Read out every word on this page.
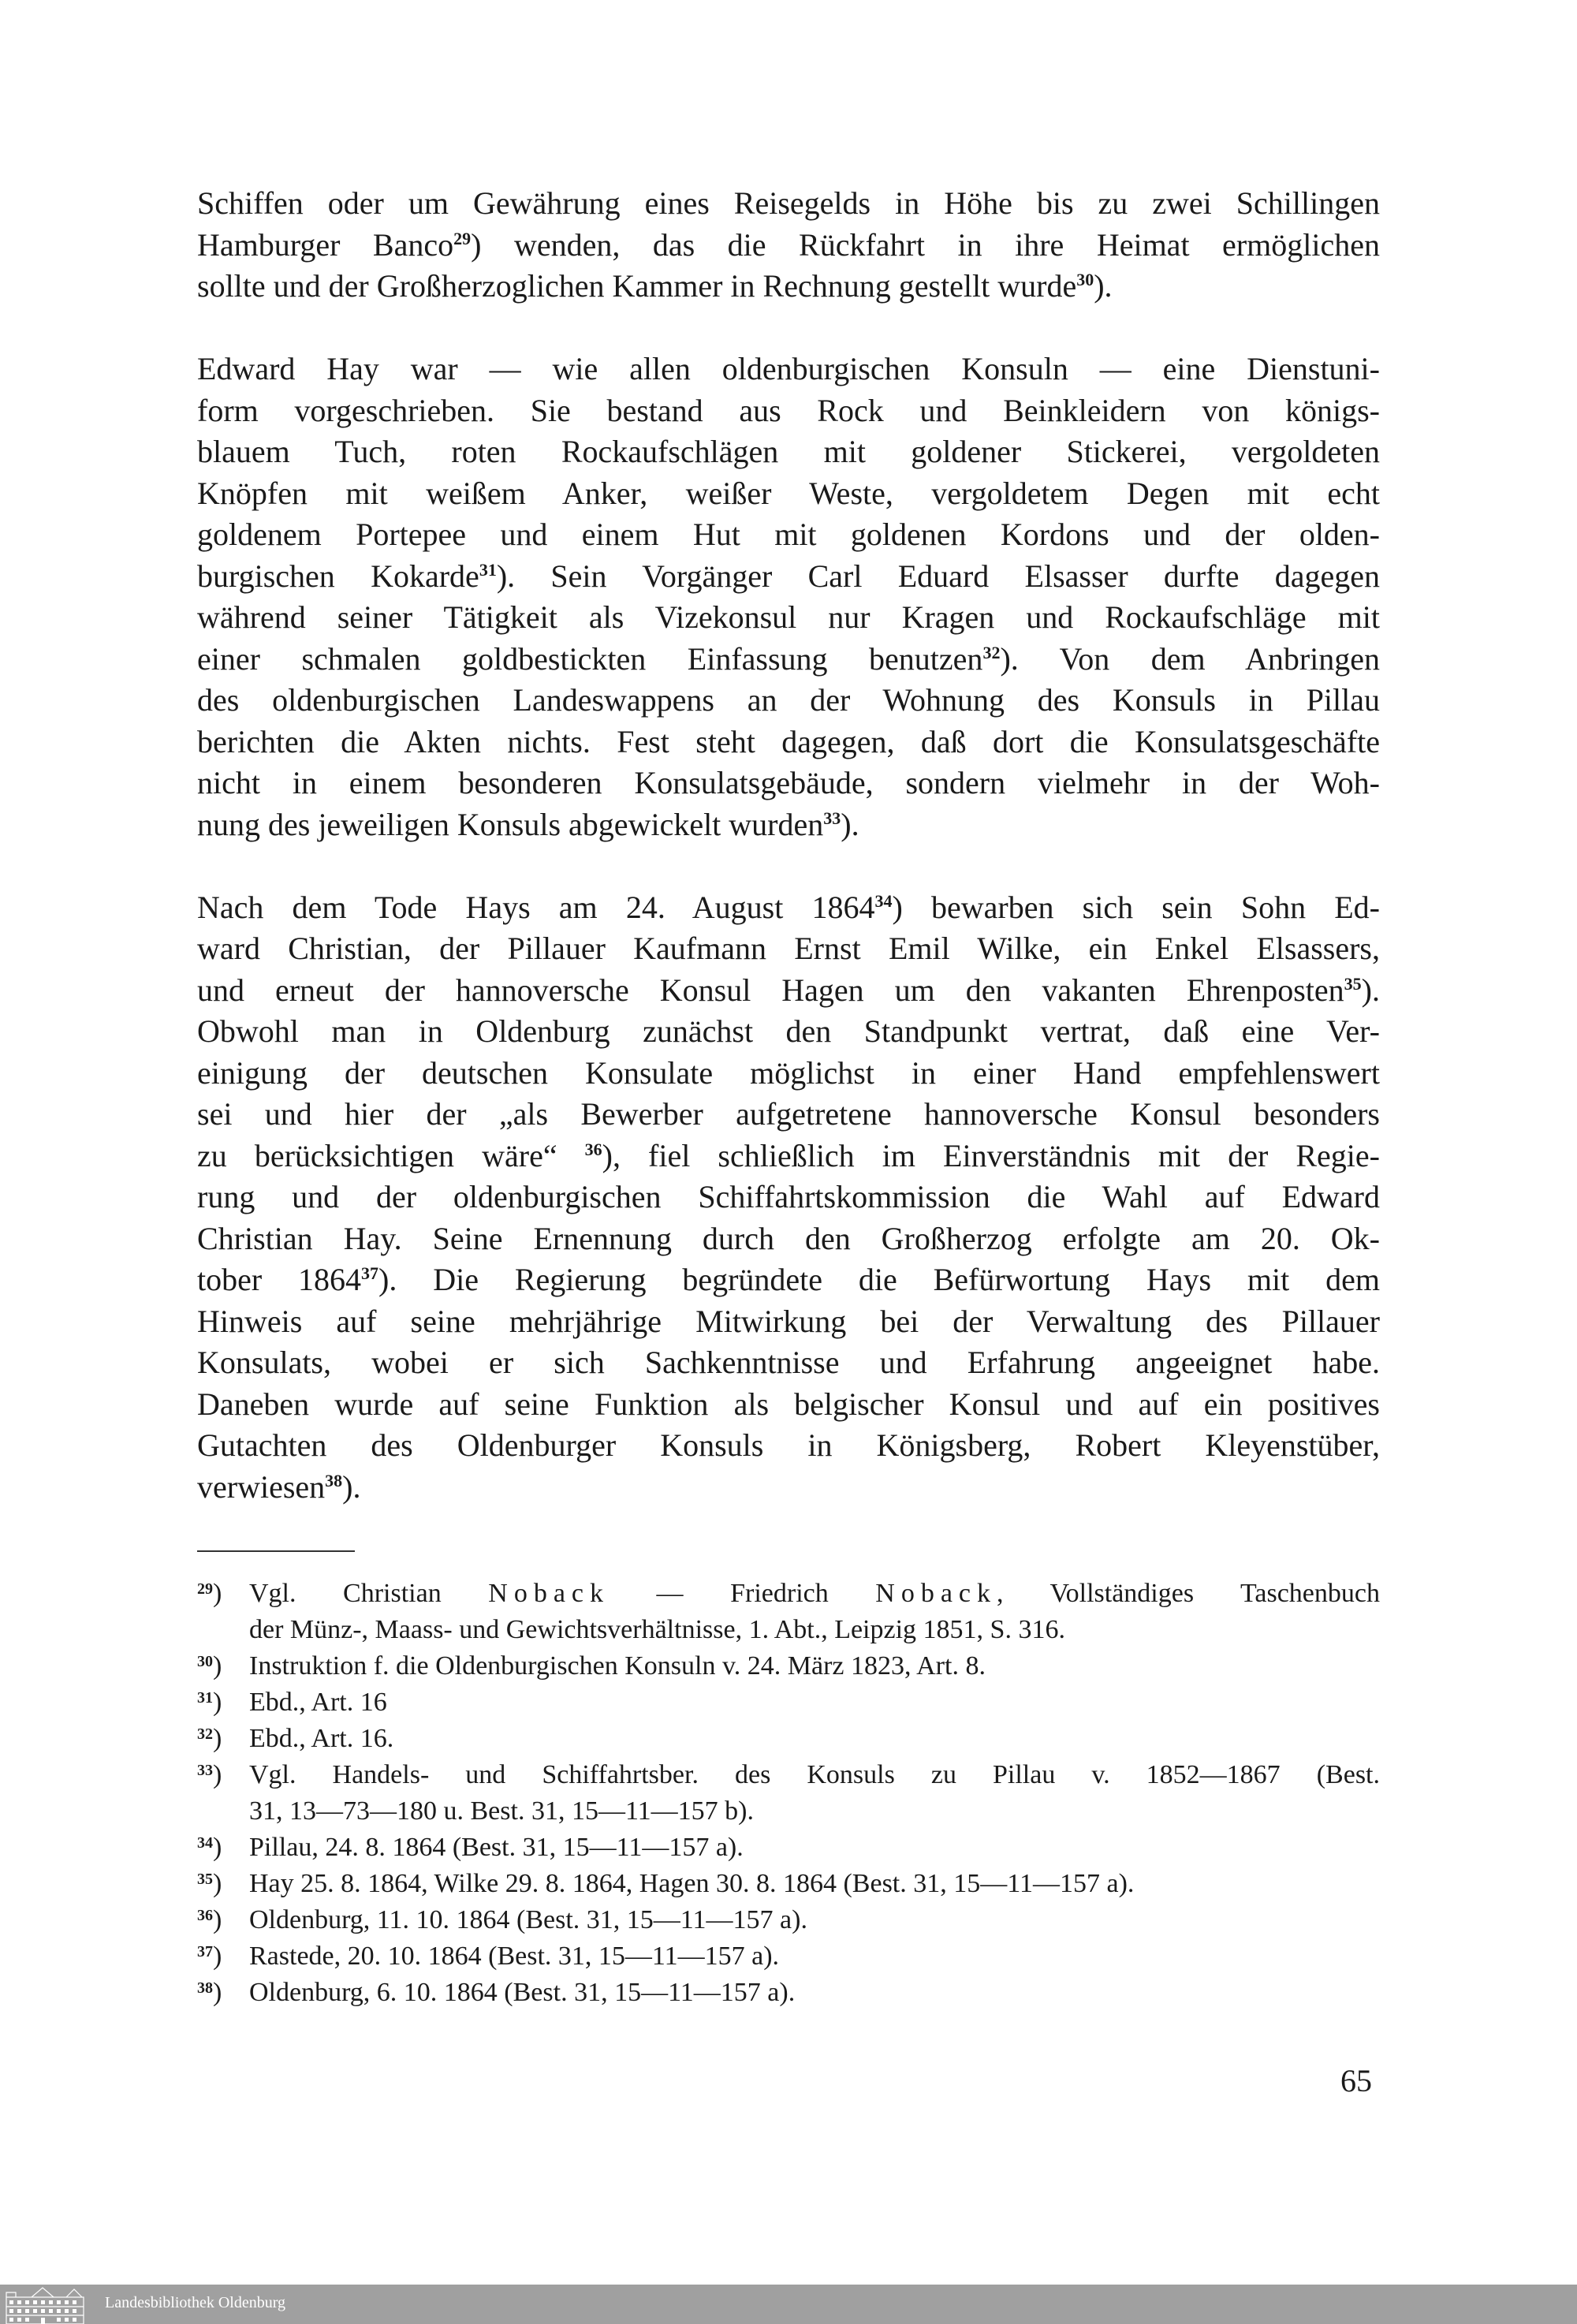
Schiffen oder um Gewährung eines Reisegelds in Höhe bis zu zwei Schillingen
Hamburger Banco$^{29}$) wenden, das die Rückfahrt in ihre Heimat ermöglichen
sollte und der Großherzoglichen Kammer in Rechnung gestellt wurde$^{30}$).
Edward Hay war — wie allen oldenburgischen Konsuln — eine Dienstuni-
form vorgeschrieben. Sie bestand aus Rock und Beinkleidern von königs-
blauem Tuch, roten Rockaufschlägen mit goldener Stickerei, vergoldeten
Knöpfen mit weißem Anker, weißer Weste, vergoldetem Degen mit echt
goldenem Portepee und einem Hut mit goldenen Kordons und der olden-
burgischen Kokarde$^{31}$). Sein Vorgänger Carl Eduard Elsasser durfte dagegen
während seiner Tätigkeit als Vizekonsul nur Kragen und Rockaufschläge mit
einer schmalen goldbestickten Einfassung benutzen$^{32}$). Von dem Anbringen
des oldenburgischen Landeswappens an der Wohnung des Konsuls in Pillau
berichten die Akten nichts. Fest steht dagegen, daß dort die Konsulatsgeschäfte
nicht in einem besonderen Konsulatsgebäude, sondern vielmehr in der Woh-
nung des jeweiligen Konsuls abgewickelt wurden$^{33}$).
Nach dem Tode Hays am 24. August 1864$^{34}$) bewarben sich sein Sohn Ed-
ward Christian, der Pillauer Kaufmann Ernst Emil Wilke, ein Enkel Elsassers,
und erneut der hannoversche Konsul Hagen um den vakanten Ehrenposten$^{35}$).
Obwohl man in Oldenburg zunächst den Standpunkt vertrat, daß eine Ver-
einigung der deutschen Konsulate möglichst in einer Hand empfehlenswert
sei und hier der „als Bewerber aufgetretene hannoversche Konsul besonders
zu berücksichtigen wäre“ $^{36}$), fiel schließlich im Einverständnis mit der Regie-
rung und der oldenburgischen Schiffahrtskommission die Wahl auf Edward
Christian Hay. Seine Ernennung durch den Großherzog erfolgte am 20. Ok-
tober 1864$^{37}$). Die Regierung begründete die Befürwortung Hays mit dem
Hinweis auf seine mehrjährige Mitwirkung bei der Verwaltung des Pillauer
Konsulats, wobei er sich Sachkenntnisse und Erfahrung angeeignet habe.
Daneben wurde auf seine Funktion als belgischer Konsul und auf ein positives
Gutachten des Oldenburger Konsuls in Königsberg, Robert Kleyenstüber,
verwiesen$^{38}$).
$^{29}$)	Vgl. Christian Noback — Friedrich Noback, Vollständiges Taschenbuch
der Münz-, Maass- und Gewichtsverhältnisse, 1. Abt., Leipzig 1851, S. 316.
$^{30}$)	Instruktion f. die Oldenburgischen Konsuln v. 24. März 1823, Art. 8.
$^{31}$)	Ebd., Art. 16
$^{32}$)	Ebd., Art. 16.
$^{33}$)	Vgl. Handels- und Schiffahrtsber. des Konsuls zu Pillau v. 1852—1867 (Best.
31, 13—73—180 u. Best. 31, 15—11—157 b).
$^{34}$)	Pillau, 24. 8. 1864 (Best. 31, 15—11—157 a).
$^{35}$)	Hay 25. 8. 1864, Wilke 29. 8. 1864, Hagen 30. 8. 1864 (Best. 31, 15—11—157 a).
$^{36}$)	Oldenburg, 11. 10. 1864 (Best. 31, 15—11—157 a).
$^{37}$)	Rastede, 20. 10. 1864 (Best. 31, 15—11—157 a).
$^{38}$)	Oldenburg, 6. 10. 1864 (Best. 31, 15—11—157 a).
65
Landesbibliothek Oldenburg
